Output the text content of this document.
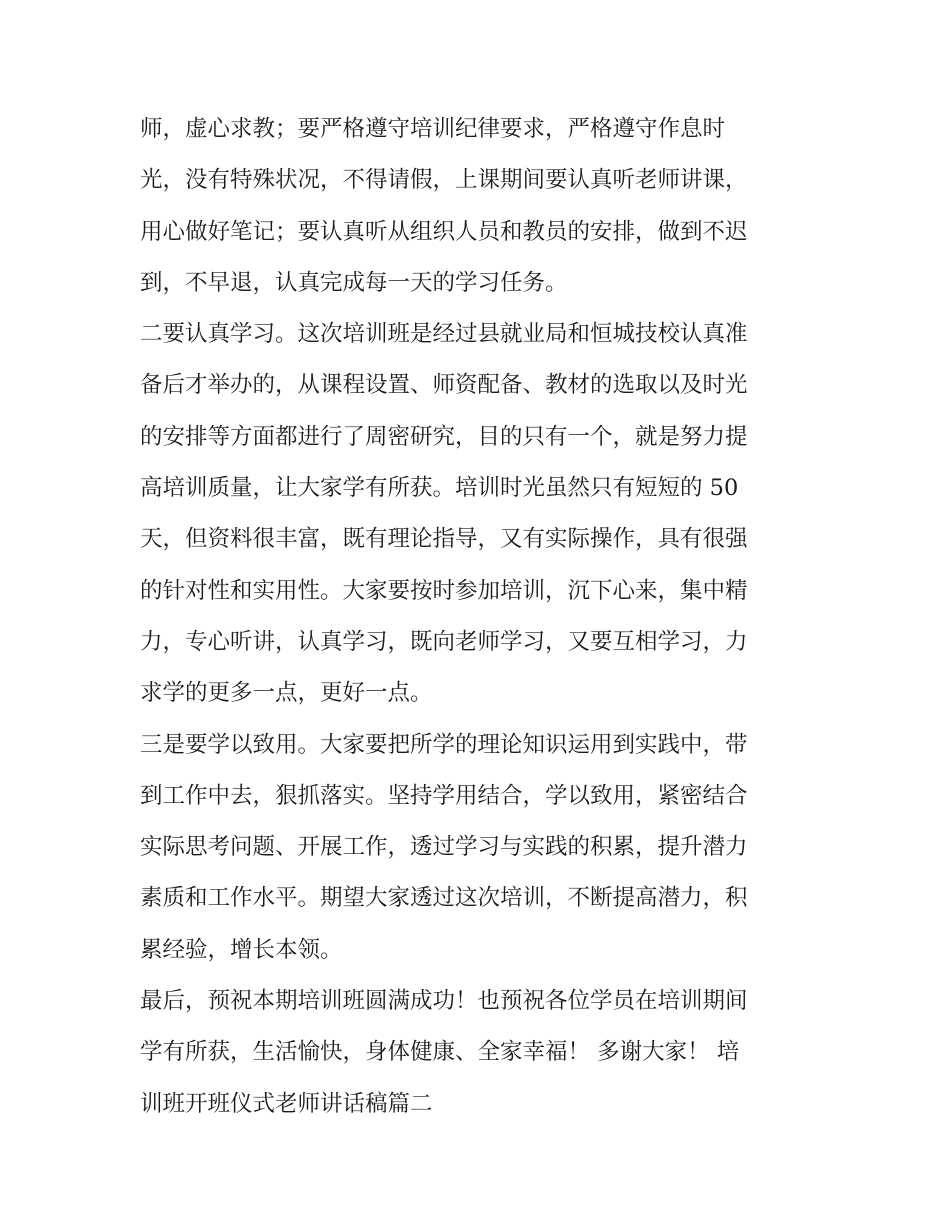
师，虚心求教；要严格遵守培训纪律要求，严格遵守作息时
光，没有特殊状况，不得请假，上课期间要认真听老师讲课，
用心做好笔记；要认真听从组织人员和教员的安排，做到不迟
到，不早退，认真完成每一天的学习任务。
二要认真学习。这次培训班是经过县就业局和恒城技校认真准
备后才举办的，从课程设置、师资配备、教材的选取以及时光
的安排等方面都进行了周密研究，目的只有一个，就是努力提
高培训质量，让大家学有所获。培训时光虽然只有短短的 50
天，但资料很丰富，既有理论指导，又有实际操作，具有很强
的针对性和实用性。大家要按时参加培训，沉下心来，集中精
力，专心听讲，认真学习，既向老师学习，又要互相学习，力
求学的更多一点，更好一点。
三是要学以致用。大家要把所学的理论知识运用到实践中，带
到工作中去，狠抓落实。坚持学用结合，学以致用，紧密结合
实际思考问题、开展工作，透过学习与实践的积累，提升潜力
素质和工作水平。期望大家透过这次培训，不断提高潜力，积
累经验，增长本领。
最后，预祝本期培训班圆满成功！也预祝各位学员在培训期间
学有所获，生活愉快，身体健康、全家幸福！ 多谢大家！ 培
训班开班仪式老师讲话稿篇二
